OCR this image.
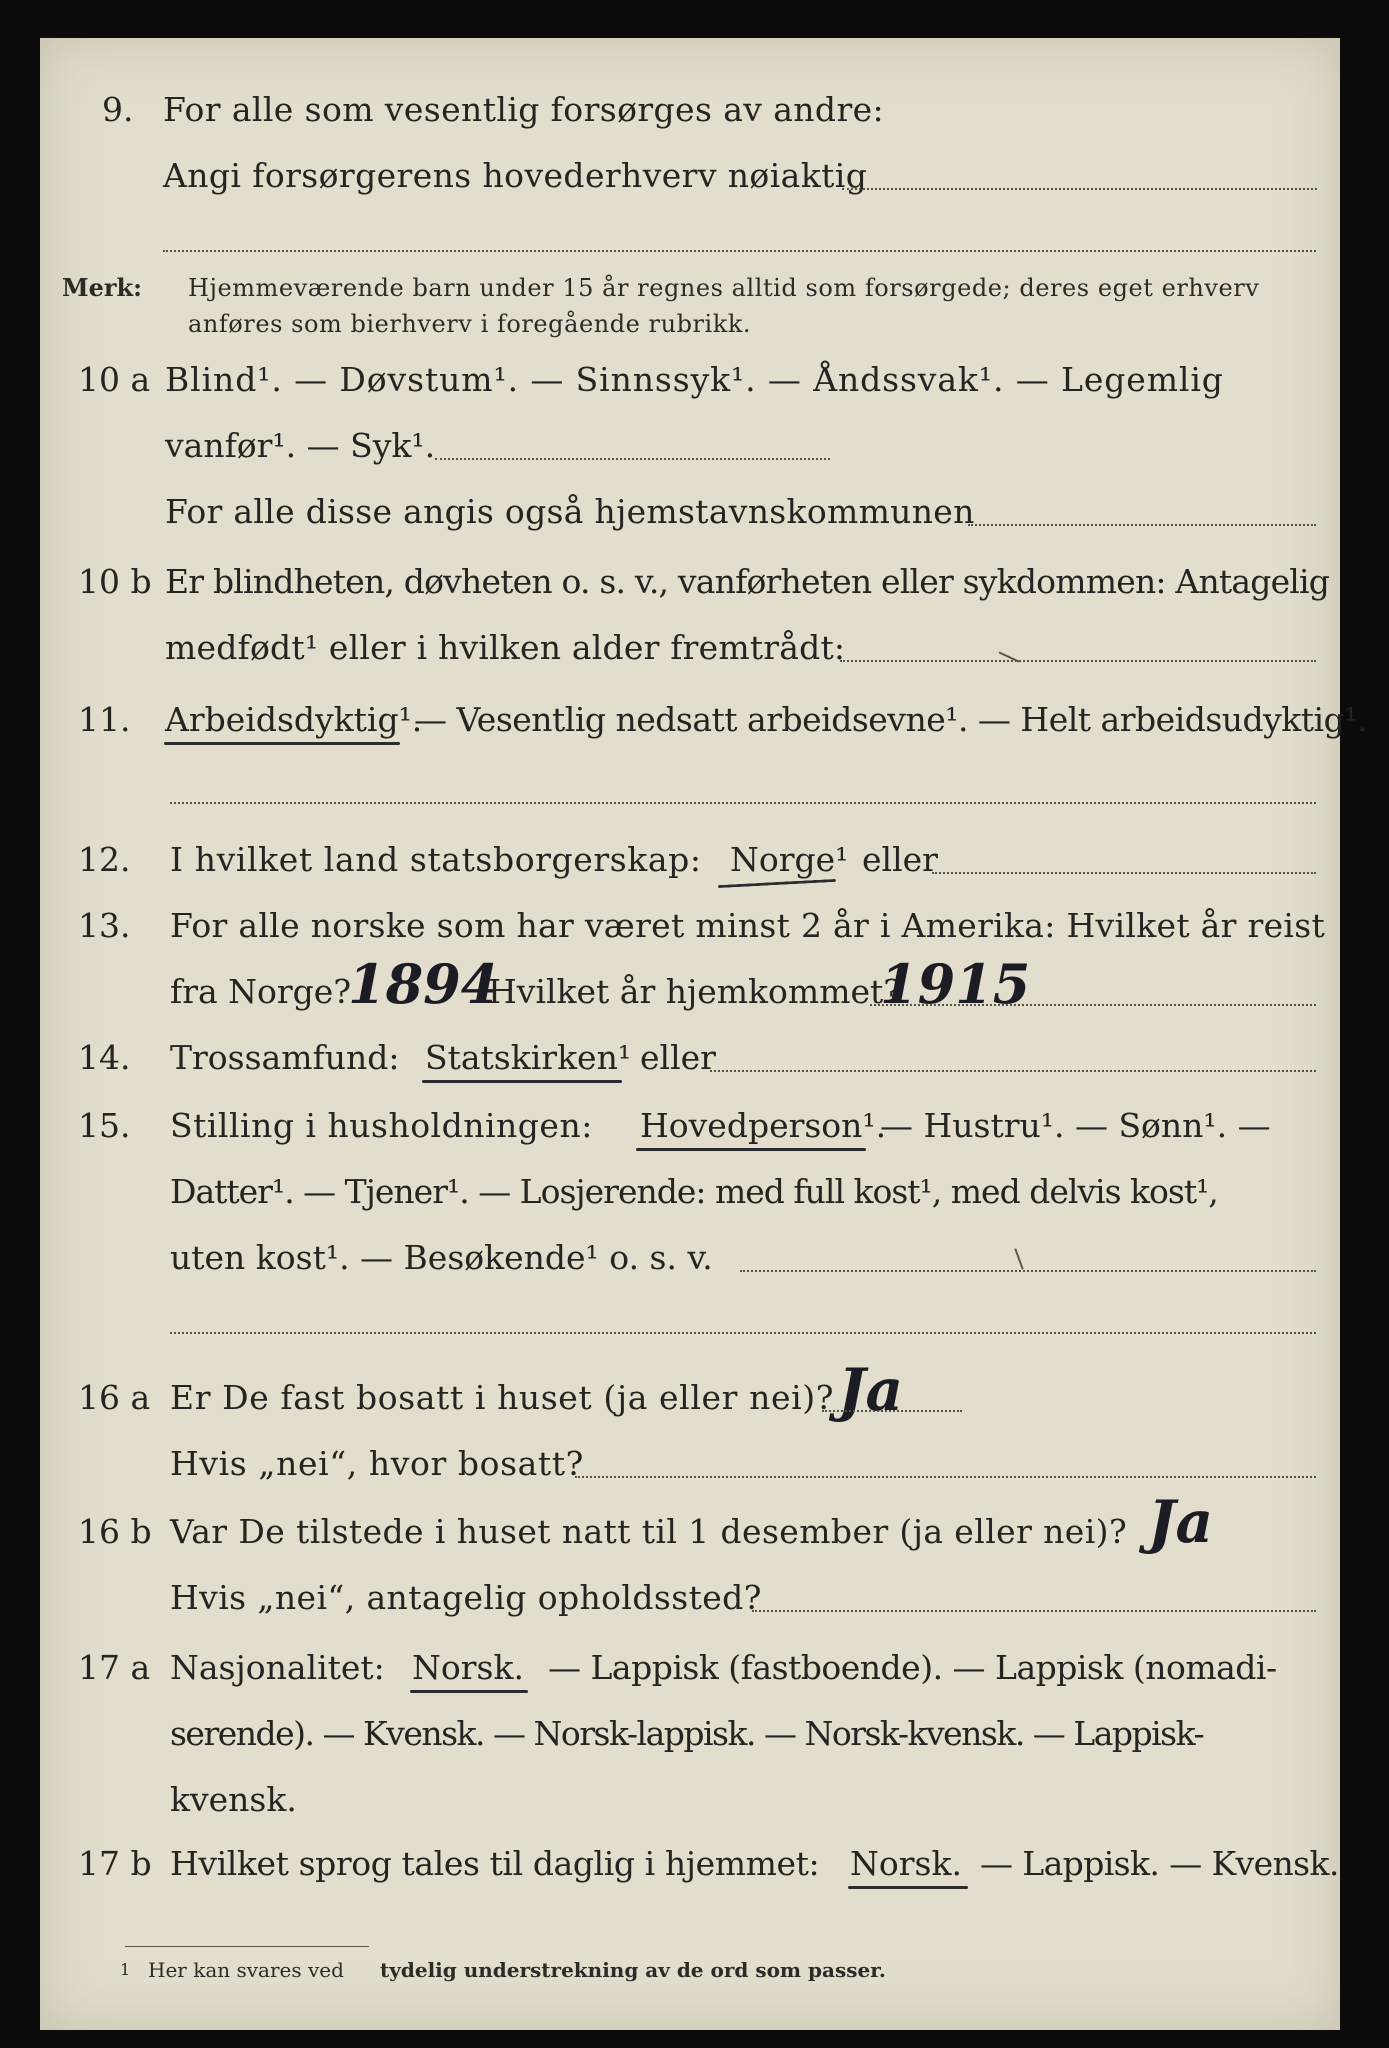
9. For alle som vesentlig forsørges av andre:
Angi forsørgerens hovederhverv nøiaktig
Merk: Hjemmeværende barn under 15 år regnes alltid som forsørgede; deres eget erhverv
anføres som bierhverv i foregående rubrikk.
10 a Blind¹. — Døvstum¹. — Sinnssyk¹. — Åndssvak¹. — Legemlig
vanfør¹. — Syk¹.
For alle disse angis også hjemstavnskommunen
10 b Er blindheten, døvheten o. s. v., vanførheten eller sykdommen: Antagelig
medfødt¹ eller i hvilken alder fremtrådt:
11. Arbeidsdyktig¹.
— Vesentlig nedsatt arbeidsevne¹. — Helt arbeidsudyktig¹.
12. I hvilket land statsborgerskap: Norge¹ eller
13. For alle norske som har været minst 2 år i Amerika: Hvilket år reist
fra Norge?
1894
Hvilket år hjemkommet?
1915
14. Trossamfund: Statskirken¹ eller
15. Stilling i husholdningen: Hovedperson¹.
— Hustru¹. — Sønn¹. —
Datter¹. — Tjener¹. — Losjerende: med full kost¹, med delvis kost¹,
uten kost¹. — Besøkende¹ o. s. v.
16 a Er De fast bosatt i huset (ja eller nei)? Ja
Hvis „nei“, hvor bosatt?
16 b Var De tilstede i huset natt til 1 desember (ja eller nei)? Ja
Hvis „nei“, antagelig opholdssted?
17 a Nasjonalitet: Norsk. — Lappisk (fastboende). — Lappisk (nomadi-
serende). — Kvensk. — Norsk-lappisk. — Norsk-kvensk. — Lappisk-
kvensk.
17 b Hvilket sprog tales til daglig i hjemmet: Norsk. — Lappisk. — Kvensk.
1 Her kan svares ved tydelig understrekning av de ord som passer.
